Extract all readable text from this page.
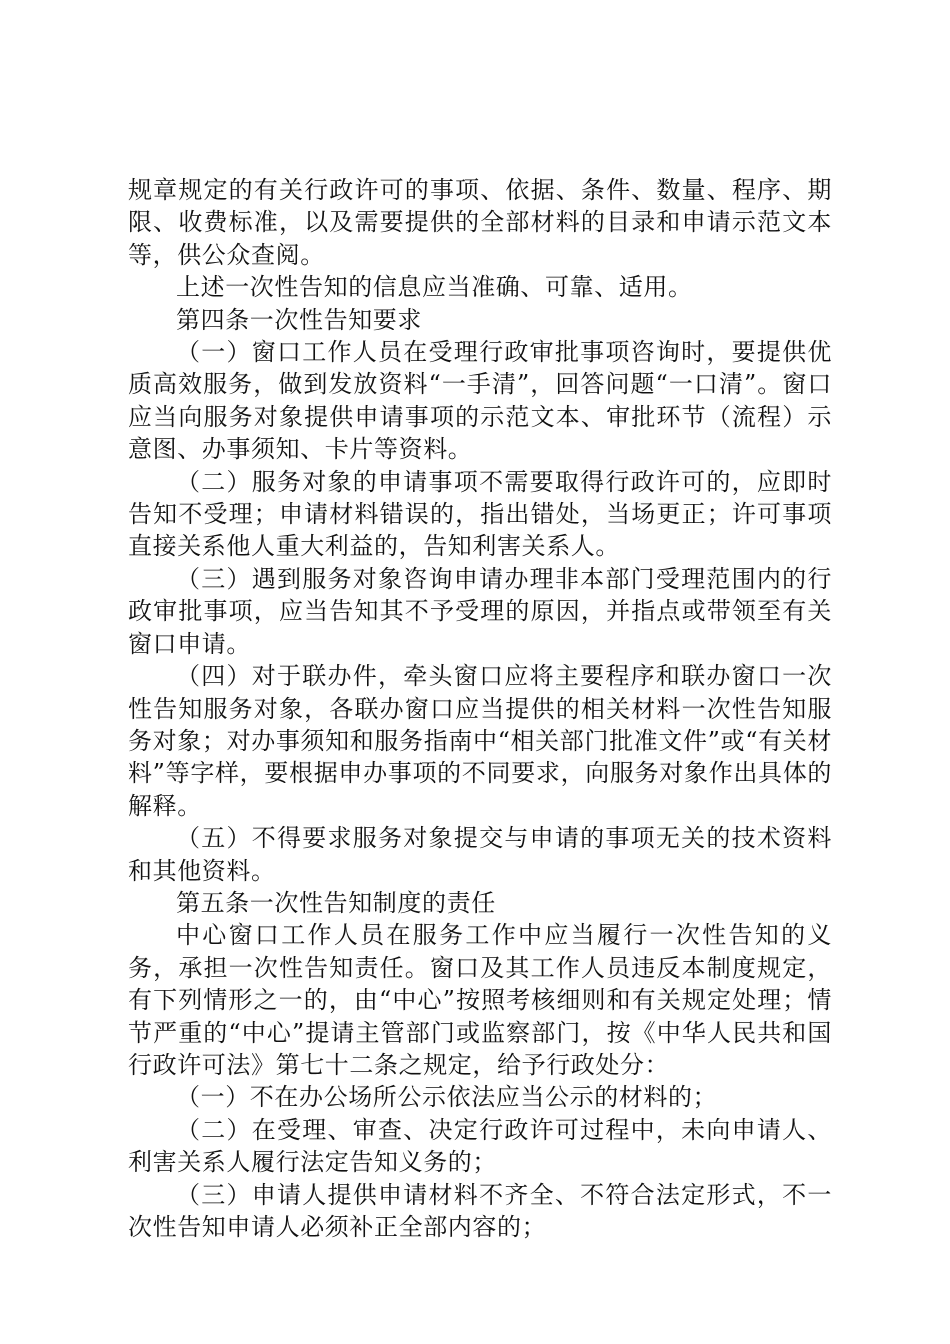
规章规定的有关行政许可的事项、依据、条件、数量、程序、期限、收费标准，以及需要提供的全部材料的目录和申请示范文本等，供公众查阅。

上述一次性告知的信息应当准确、可靠、适用。

第四条一次性告知要求

（一）窗口工作人员在受理行政审批事项咨询时，要提供优质高效服务，做到发放资料“一手清”，回答问题“一口清”。窗口应当向服务对象提供申请事项的示范文本、审批环节（流程）示意图、办事须知、卡片等资料。

（二）服务对象的申请事项不需要取得行政许可的，应即时告知不受理；申请材料错误的，指出错处，当场更正；许可事项直接关系他人重大利益的，告知利害关系人。

（三）遇到服务对象咨询申请办理非本部门受理范围内的行政审批事项，应当告知其不予受理的原因，并指点或带领至有关窗口申请。

（四）对于联办件，牵头窗口应将主要程序和联办窗口一次性告知服务对象，各联办窗口应当提供的相关材料一次性告知服务对象；对办事须知和服务指南中“相关部门批准文件”或“有关材料”等字样，要根据申办事项的不同要求，向服务对象作出具体的解释。

（五）不得要求服务对象提交与申请的事项无关的技术资料和其他资料。

第五条一次性告知制度的责任

中心窗口工作人员在服务工作中应当履行一次性告知的义务，承担一次性告知责任。窗口及其工作人员违反本制度规定，有下列情形之一的，由“中心”按照考核细则和有关规定处理；情节严重的“中心”提请主管部门或监察部门，按《中华人民共和国行政许可法》第七十二条之规定，给予行政处分：

（一）不在办公场所公示依法应当公示的材料的；

（二）在受理、审查、决定行政许可过程中，未向申请人、利害关系人履行法定告知义务的；

（三）申请人提供申请材料不齐全、不符合法定形式，不一次性告知申请人必须补正全部内容的；
